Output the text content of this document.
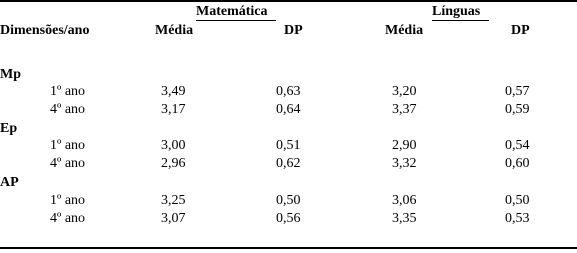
Matemática	Línguas
Dimensões/ano	Média	DP	Média	DP
Mp
1º ano	3,49	0,63	3,20	0,57
4º ano	3,17	0,64	3,37	0,59
Ep
1º ano	3,00	0,51	2,90	0,54
4º ano	2,96	0,62	3,32	0,60
AP
1º ano	3,25	0,50	3,06	0,50
4º ano	3,07	0,56	3,35	0,53
